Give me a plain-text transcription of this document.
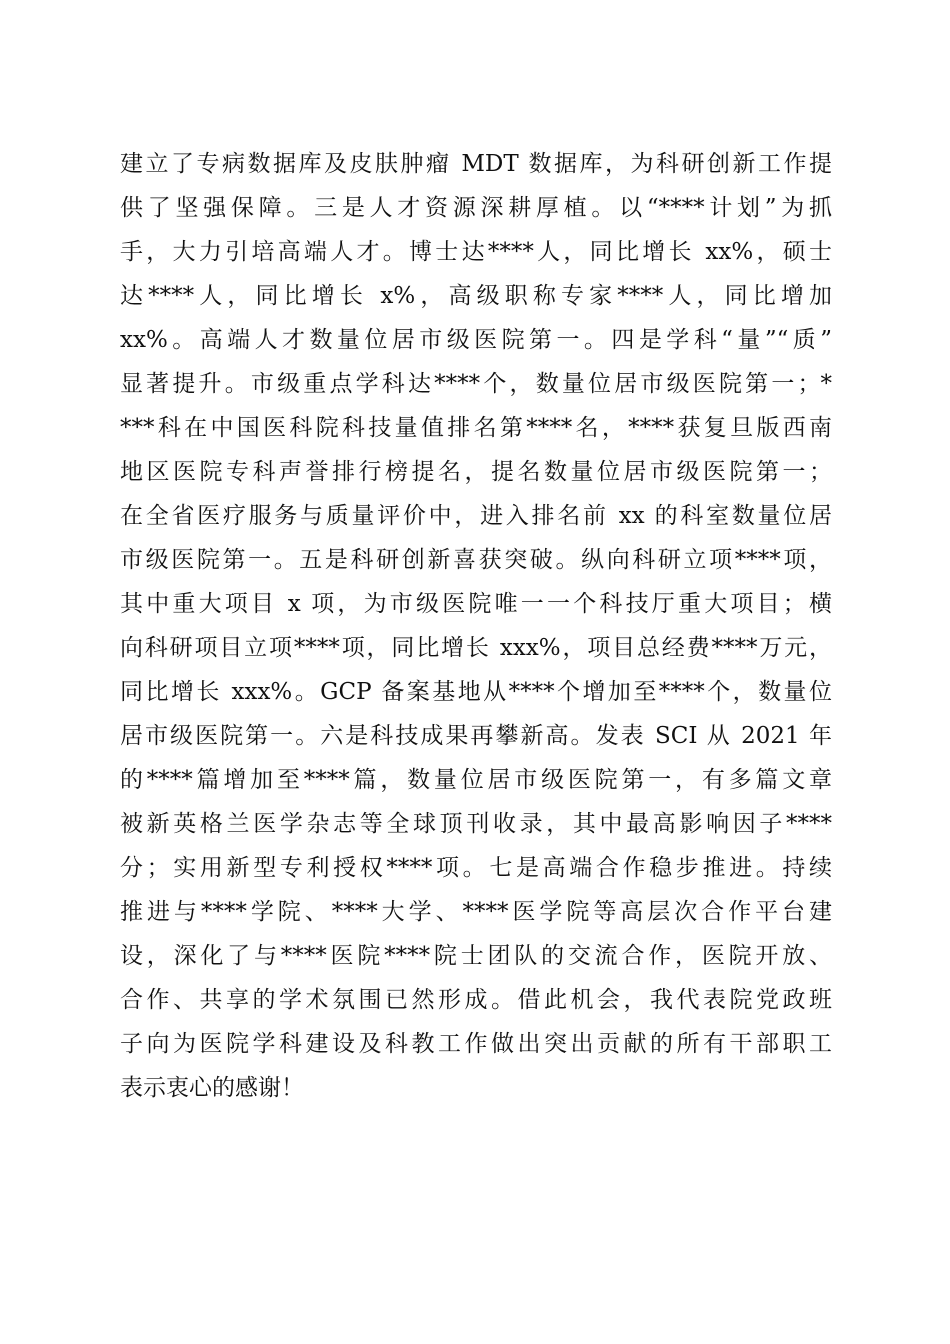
建立了专病数据库及皮肤肿瘤 MDT 数据库，为科研创新工作提
供了坚强保障。三是人才资源深耕厚植。以“****计划”为抓
手，大力引培高端人才。博士达****人，同比增长 xx%，硕士
达****人，同比增长 x%，高级职称专家****人，同比增加
xx%。高端人才数量位居市级医院第一。四是学科“量”“质”
显著提升。市级重点学科达****个，数量位居市级医院第一；*
***科在中国医科院科技量值排名第****名，****获复旦版西南
地区医院专科声誉排行榜提名，提名数量位居市级医院第一；
在全省医疗服务与质量评价中，进入排名前 xx 的科室数量位居
市级医院第一。五是科研创新喜获突破。纵向科研立项****项，
其中重大项目 x 项，为市级医院唯一一个科技厅重大项目；横
向科研项目立项****项，同比增长 xxx%，项目总经费****万元，
同比增长 xxx%。GCP 备案基地从****个增加至****个，数量位
居市级医院第一。六是科技成果再攀新高。发表 SCI 从 2021 年
的****篇增加至****篇，数量位居市级医院第一，有多篇文章
被新英格兰医学杂志等全球顶刊收录，其中最高影响因子****
分；实用新型专利授权****项。七是高端合作稳步推进。持续
推进与****学院、****大学、****医学院等高层次合作平台建
设，深化了与****医院****院士团队的交流合作，医院开放、
合作、共享的学术氛围已然形成。借此机会，我代表院党政班
子向为医院学科建设及科教工作做出突出贡献的所有干部职工
表示衷心的感谢！
